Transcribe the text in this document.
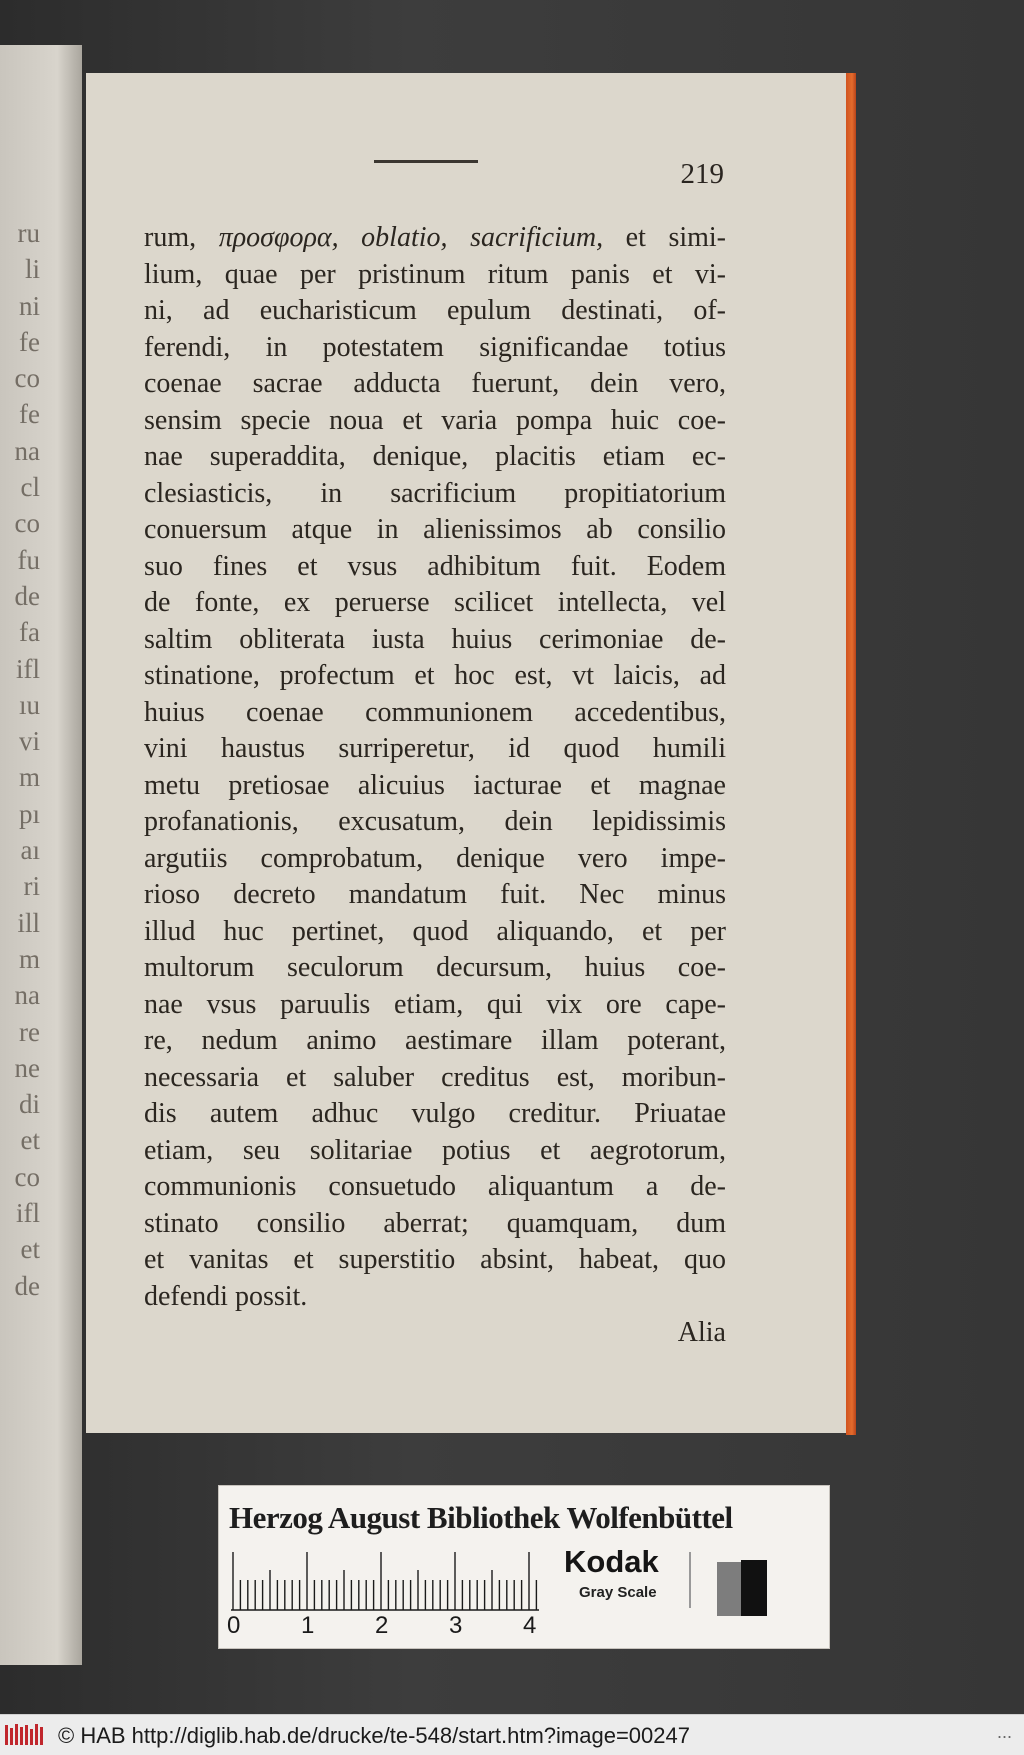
ru
li
ni
fe
co
fe
na
cl
co
fu
de
fa
ifl
ıu
vi
m
pı
aı
ri
ill
m
na
re
ne
di
et
co
ifl
et
de
219
rum, προσφορα, oblatio, sacrificium, et simi-
lium, quae per pristinum ritum panis et vi-
ni, ad eucharisticum epulum destinati, of-
ferendi, in potestatem significandae totius
coenae sacrae adducta fuerunt, dein vero,
sensim specie noua et varia pompa huic coe-
nae superaddita, denique, placitis etiam ec-
clesiasticis, in sacrificium propitiatorium
conuersum atque in alienissimos ab consilio
suo fines et vsus adhibitum fuit. Eodem
de fonte, ex peruerse scilicet intellecta, vel
saltim obliterata iusta huius cerimoniae de-
stinatione, profectum et hoc est, vt laicis, ad
huius coenae communionem accedentibus,
vini haustus surriperetur, id quod humili
metu pretiosae alicuius iacturae et magnae
profanationis, excusatum, dein lepidissimis
argutiis comprobatum, denique vero impe-
rioso decreto mandatum fuit. Nec minus
illud huc pertinet, quod aliquando, et per
multorum seculorum decursum, huius coe-
nae vsus paruulis etiam, qui vix ore cape-
re, nedum animo aestimare illam poterant,
necessaria et saluber creditus est, moribun-
dis autem adhuc vulgo creditur. Priuatae
etiam, seu solitariae potius et aegrotorum,
communionis consuetudo aliquantum a de-
stinato consilio aberrat; quamquam, dum
et vanitas et superstitio absint, habeat, quo
defendi possit.
Alia
Herzog August Bibliothek Wolfenbüttel
0	1	2	3	4
Kodak
Gray Scale
© HAB http://diglib.hab.de/drucke/te-548/start.htm?image=00247	...
